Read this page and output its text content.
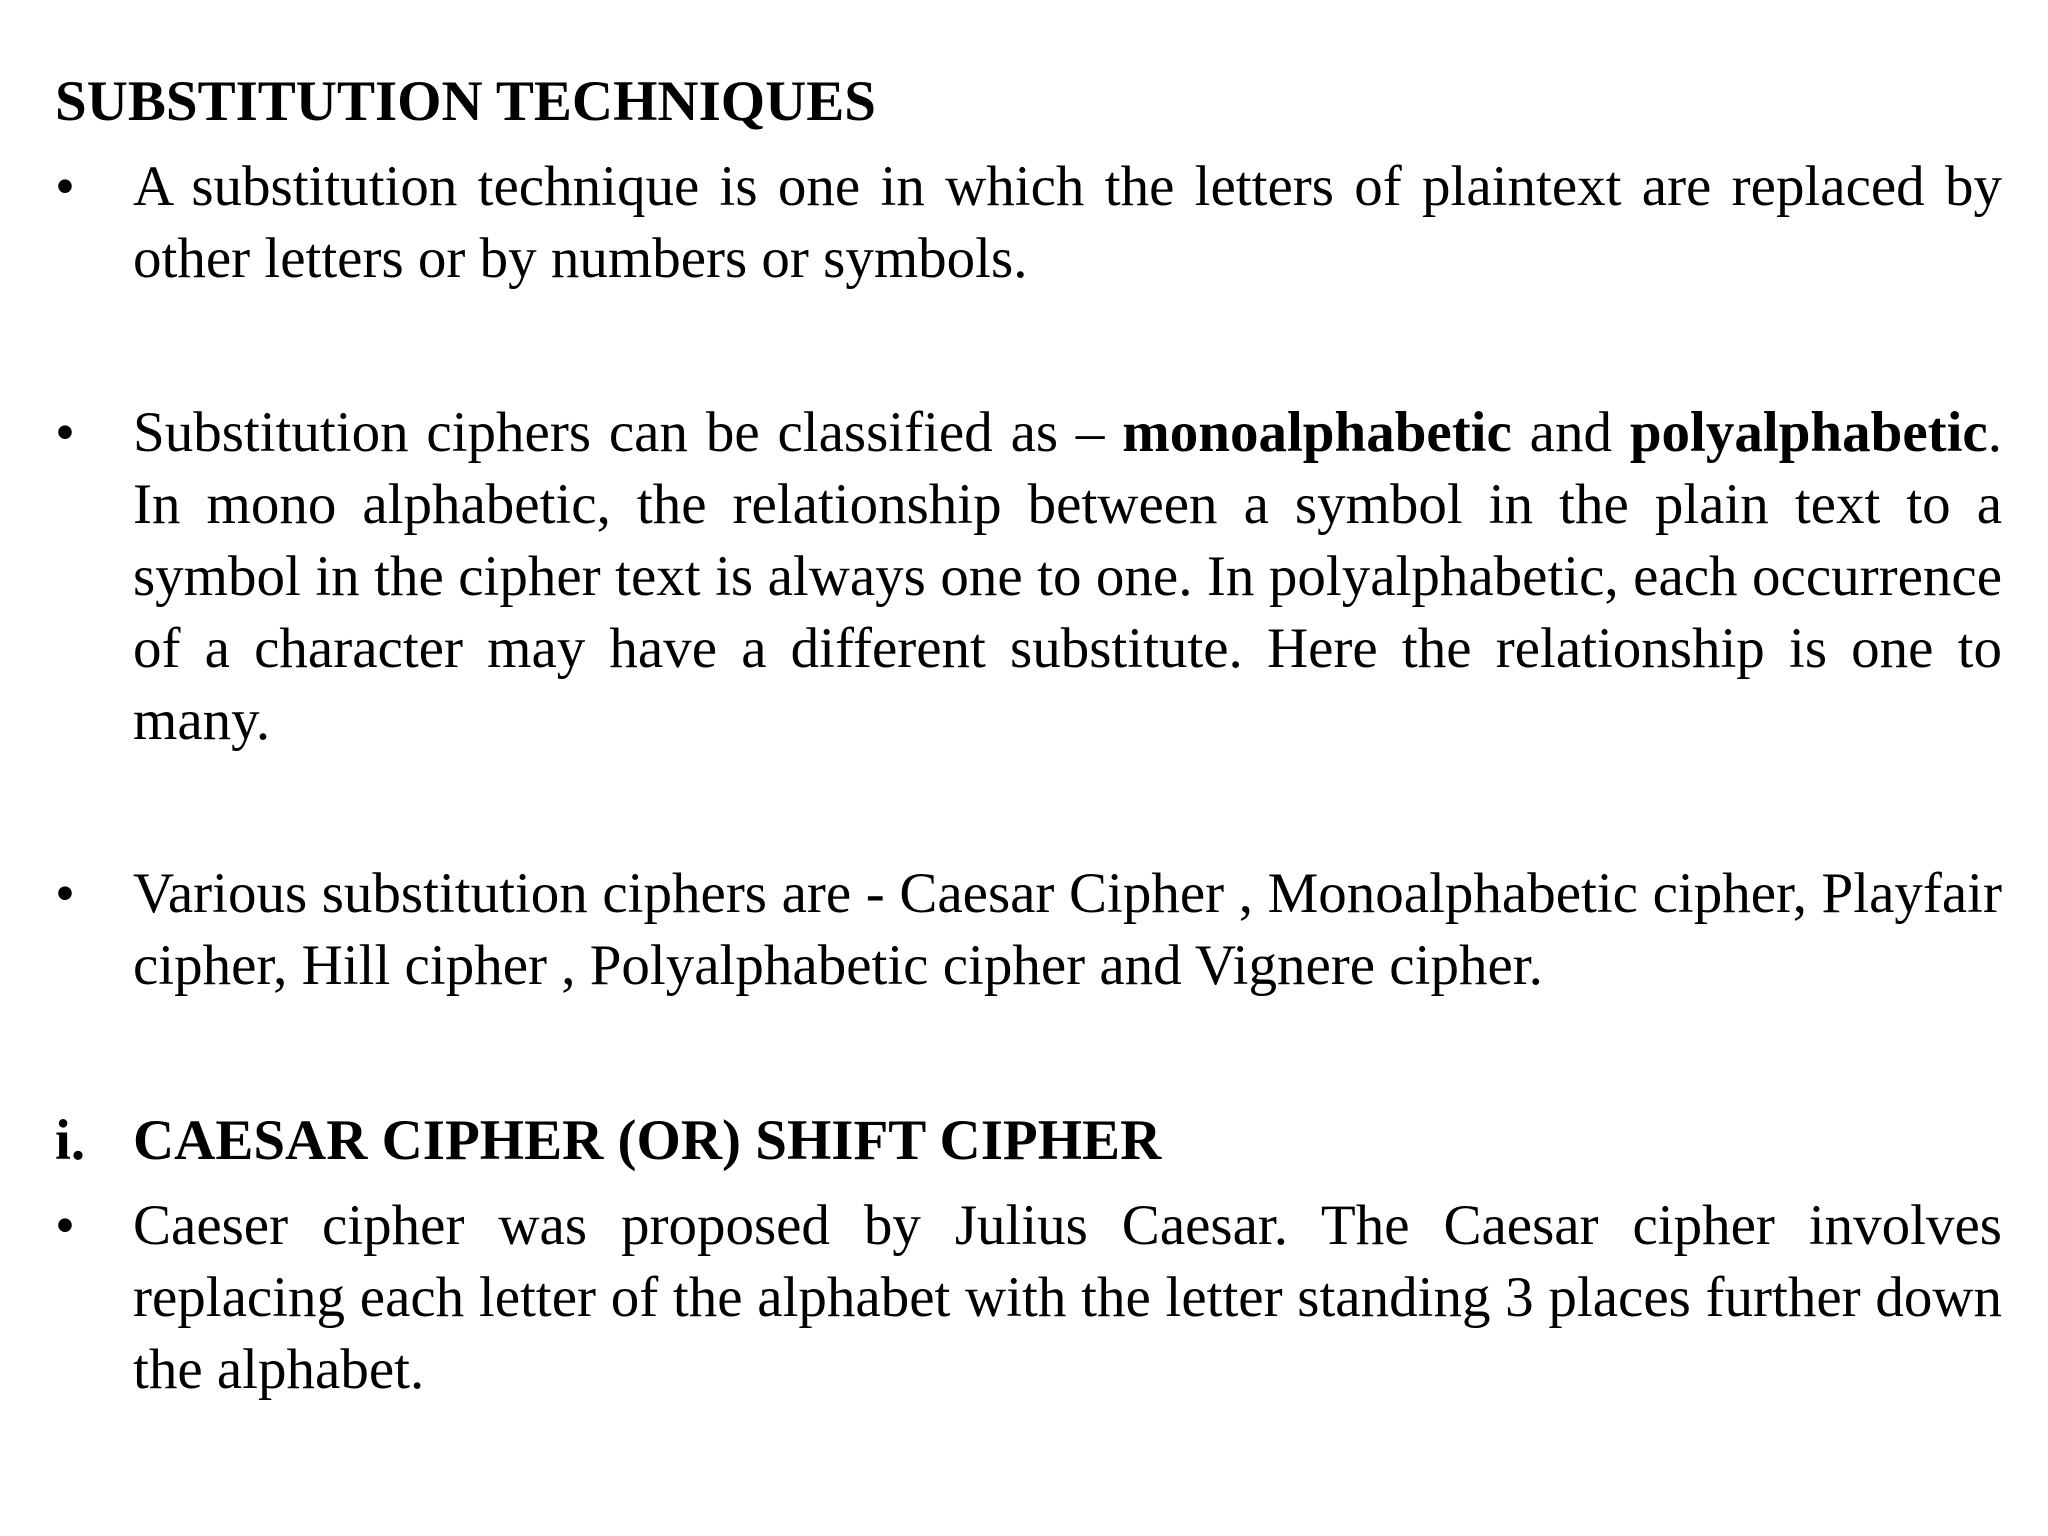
SUBSTITUTION TECHNIQUES
•	A substitution technique is one in which the letters of plaintext are replaced by other letters or by numbers or symbols.
•	Substitution ciphers can be classified as – monoalphabetic and polyalphabetic. In mono alphabetic, the relationship between a symbol in the plain text to a symbol in the cipher text is always one to one. In polyalphabetic, each occurrence of a character may have a different substitute. Here the relationship is one to many.
•	Various substitution ciphers are - Caesar Cipher , Monoalphabetic cipher, Playfair cipher, Hill cipher , Polyalphabetic cipher and Vignere cipher.
i. CAESAR CIPHER (OR) SHIFT CIPHER
•	Caeser cipher was proposed by Julius Caesar. The Caesar cipher involves replacing each letter of the alphabet with the letter standing 3 places further down the alphabet.
